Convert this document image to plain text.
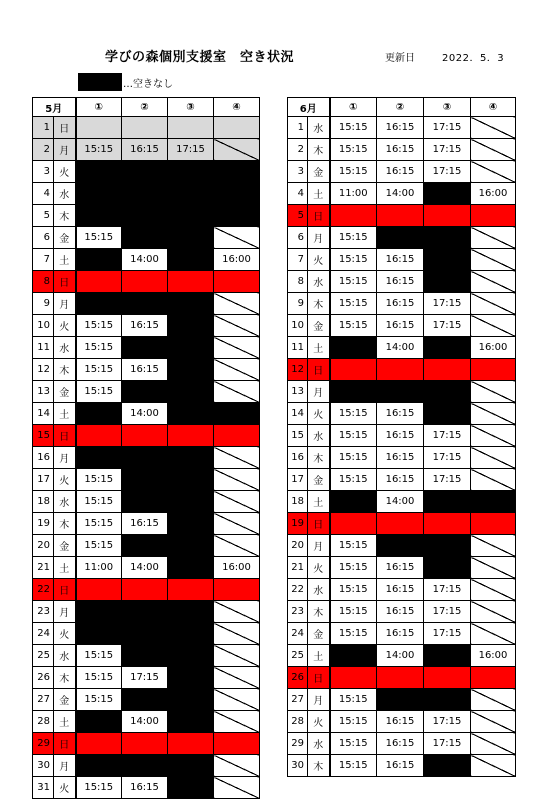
学びの森個別支援室　空き状況	更新日	2022．5．3
…空きなし
5月		①	②	③	④
1	日				
2	月	15:15	16:15	17:15	
3	火				
4	水				
5	木				
6	金	15:15			
7	土		14:00		16:00
8	日				
9	月				
10	火	15:15	16:15		
11	水	15:15			
12	木	15:15	16:15		
13	金	15:15			
14	土		14:00		
15	日				
16	月				
17	火	15:15			
18	水	15:15			
19	木	15:15	16:15		
20	金	15:15			
21	土	11:00	14:00		16:00
22	日				
23	月				
24	火				
25	水	15:15			
26	木	15:15	17:15		
27	金	15:15			
28	土		14:00		
29	日				
30	月				
31	火	15:15	16:15		
6月		①	②	③	④
1	水	15:15	16:15	17:15	
2	木	15:15	16:15	17:15	
3	金	15:15	16:15	17:15	
4	土	11:00	14:00		16:00
5	日				
6	月	15:15			
7	火	15:15	16:15		
8	水	15:15	16:15		
9	木	15:15	16:15	17:15	
10	金	15:15	16:15	17:15	
11	土		14:00		16:00
12	日				
13	月				
14	火	15:15	16:15		
15	水	15:15	16:15	17:15	
16	木	15:15	16:15	17:15	
17	金	15:15	16:15	17:15	
18	土		14:00		
19	日				
20	月	15:15			
21	火	15:15	16:15		
22	水	15:15	16:15	17:15	
23	木	15:15	16:15	17:15	
24	金	15:15	16:15	17:15	
25	土		14:00		16:00
26	日				
27	月	15:15			
28	火	15:15	16:15	17:15	
29	水	15:15	16:15	17:15	
30	木	15:15	16:15		
